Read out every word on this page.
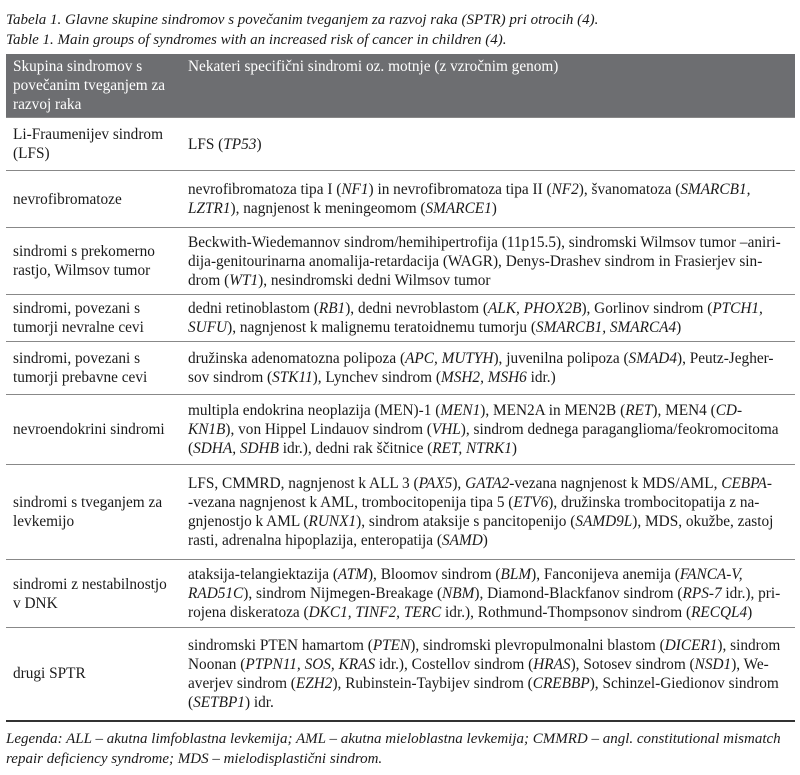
Tabela 1. Glavne skupine sindromov s povečanim tveganjem za razvoj raka (SPTR) pri otrocih (4).
Table 1. Main groups of syndromes with an increased risk of cancer in children (4).
Skupina sindromov s povečanim tveganjem za razvoj raka	Nekateri specifični sindromi oz. motnje (z vzročnim genom)
Li-Fraumenijev sindrom (LFS)	LFS (TP53)

nevrofibromatoze	nevrofibromatoza tipa I (NF1) in nevrofibromatoza tipa II (NF2), švanomatoza (SMARCB1,
LZTR1), nagnjenost k meningeomom (SMARCE1)

sindromi s prekomerno rastjo, Wilmsov tumor	Beckwith-Wiedemannov sindrom/hemihipertrofija (11p15.5), sindromski Wilmsov tumor –aniri-
dija-genitourinarna anomalija-retardacija (WAGR), Denys-Drashev sindrom in Frasierjev sin-
drom (WT1), nesindromski dedni Wilmsov tumor

sindromi, povezani s tumorji nevralne cevi	dedni retinoblastom (RB1), dedni nevroblastom (ALK, PHOX2B), Gorlinov sindrom (PTCH1,
SUFU), nagnjenost k malignemu teratoidnemu tumorju (SMARCB1, SMARCA4)

sindromi, povezani s tumorji prebavne cevi	družinska adenomatozna polipoza (APC, MUTYH), juvenilna polipoza (SMAD4), Peutz-Jegher-
sov sindrom (STK11), Lynchev sindrom (MSH2, MSH6 idr.)

nevroendokrini sindromi	multipla endokrina neoplazija (MEN)-1 (MEN1), MEN2A in MEN2B (RET), MEN4 (CD-
KN1B), von Hippel Lindauov sindrom (VHL), sindrom dednega paraganglioma/feokromocitoma
(SDHA, SDHB idr.), dedni rak ščitnice (RET, NTRK1)

sindromi s tveganjem za levkemijo	LFS, CMMRD, nagnjenost k ALL 3 (PAX5), GATA2-vezana nagnjenost k MDS/AML, CEBPA-
-vezana nagnjenost k AML, trombocitopenija tipa 5 (ETV6), družinska trombocitopatija z na-
gnjenostjo k AML (RUNX1), sindrom ataksije s pancitopenijo (SAMD9L), MDS, okužbe, zastoj
rasti, adrenalna hipoplazija, enteropatija (SAMD)

sindromi z nestabilnostjo v DNK	ataksija-telangiektazija (ATM), Bloomov sindrom (BLM), Fanconijeva anemija (FANCA-V,
RAD51C), sindrom Nijmegen-Breakage (NBM), Diamond-Blackfanov sindrom (RPS-7 idr.), pri-
rojena diskeratoza (DKC1, TINF2, TERC idr.), Rothmund-Thompsonov sindrom (RECQL4)

drugi SPTR	sindromski PTEN hamartom (PTEN), sindromski plevropulmonalni blastom (DICER1), sindrom
Noonan (PTPN11, SOS, KRAS idr.), Costellov sindrom (HRAS), Sotosev sindrom (NSD1), We-
averjev sindrom (EZH2), Rubinstein-Taybijev sindrom (CREBBP), Schinzel-Giedionov sindrom
(SETBP1) idr.
Legenda: ALL – akutna limfoblastna levkemija; AML – akutna mieloblastna levkemija; CMMRD – angl. constitutional mismatch
repair deficiency syndrome; MDS – mielodisplastični sindrom.
